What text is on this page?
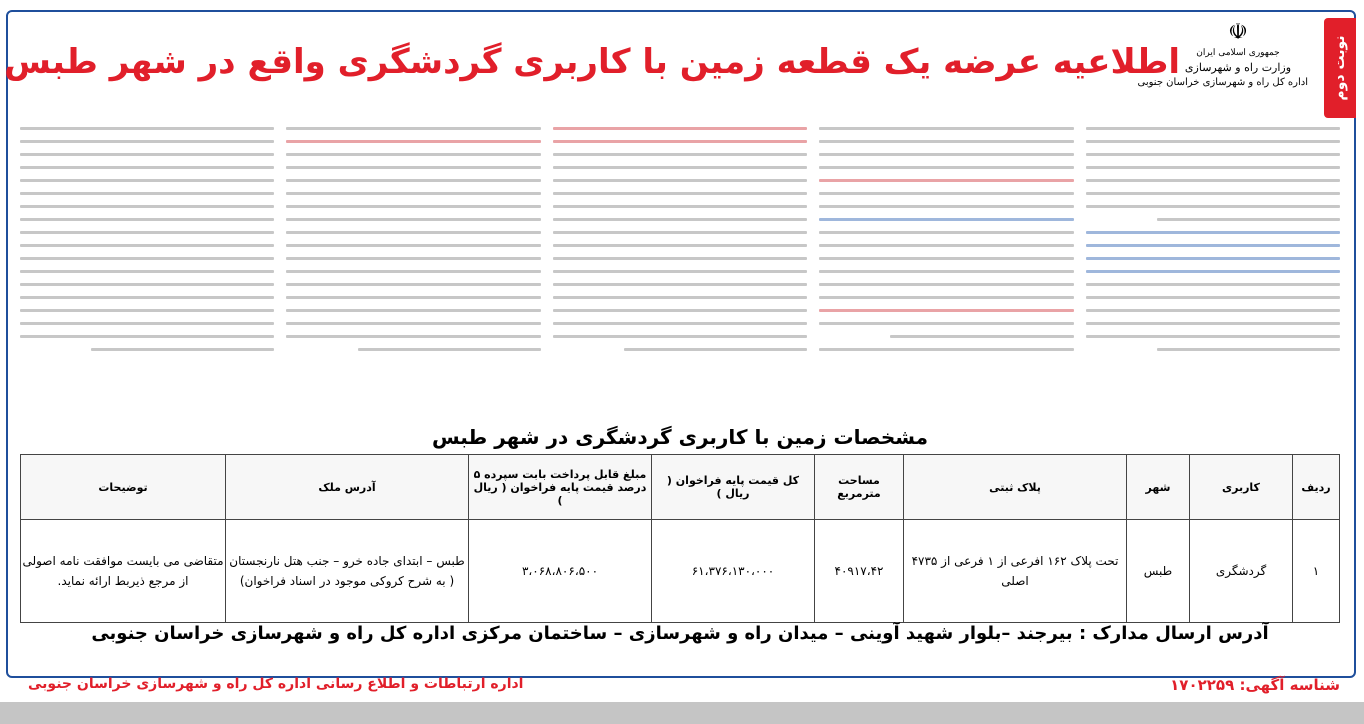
نوبت دوم
☫
جمهوری اسلامی ایران
وزارت راه و شهرسازی
اداره کل راه و شهرسازی خراسان جنوبی
اطلاعیه عرضه یک قطعه زمین با کاربری گردشگری واقع در شهر طبس
مشخصات زمین با کاربری گردشگری در شهر طبس
ردیف	کاربری	شهر	پلاک ثبتی	مساحت مترمربع	کل قیمت پایه فراخوان ( ریال )	مبلغ قابل پرداخت بابت سپرده ۵ درصد قیمت پایه فراخوان ( ریال )	آدرس ملک	توضیحات
۱	گردشگری	طبس	تحت پلاک ۱۶۲ افرعی از ۱ فرعی از ۴۷۳۵ اصلی	۴۰۹۱۷،۴۲	۶۱،۳۷۶،۱۳۰،۰۰۰	۳،۰۶۸،۸۰۶،۵۰۰	طبس – ابتدای جاده خرو – جنب هتل نارنجستان ( به شرح کروکی موجود در اسناد فراخوان)	متقاضی می بایست موافقت نامه اصولی از مرجع ذیربط ارائه نماید.
آدرس ارسال مدارک : بیرجند –بلوار شهید آوینی – میدان راه و شهرسازی – ساختمان مرکزی اداره کل راه و شهرسازی خراسان جنوبی
شناسه آگهی: ۱۷۰۲۲۵۹
اداره ارتباطات و اطلاع رسانی اداره کل راه و شهرسازی خراسان جنوبی
